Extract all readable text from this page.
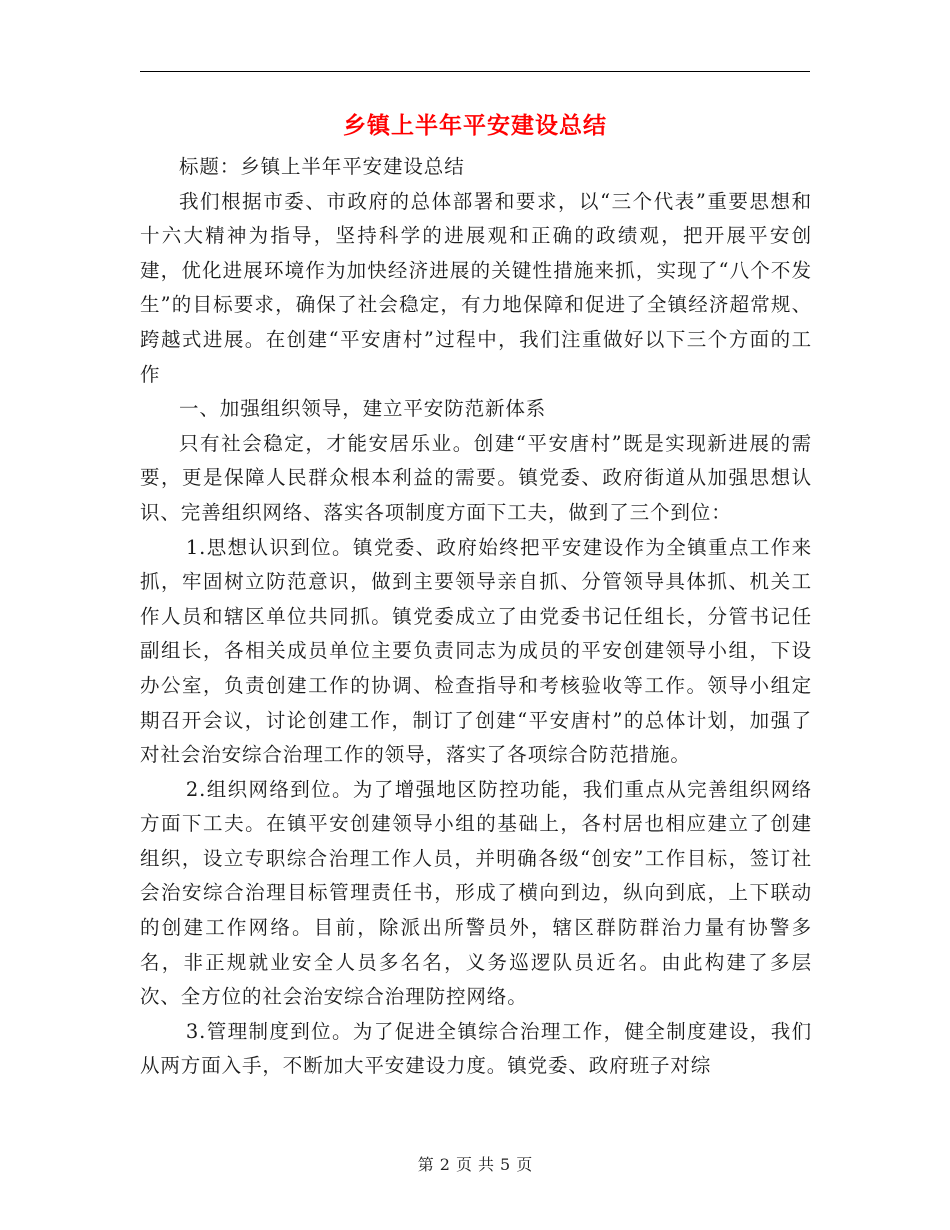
乡镇上半年平安建设总结

标题：乡镇上半年平安建设总结

我们根据市委、市政府的总体部署和要求，以“三个代表”重要思想和十六大精神为指导，坚持科学的进展观和正确的政绩观，把开展平安创建，优化进展环境作为加快经济进展的关键性措施来抓，实现了“八个不发生”的目标要求，确保了社会稳定，有力地保障和促进了全镇经济超常规、跨越式进展。在创建“平安唐村”过程中，我们注重做好以下三个方面的工作

一、加强组织领导，建立平安防范新体系

只有社会稳定，才能安居乐业。创建“平安唐村”既是实现新进展的需要，更是保障人民群众根本利益的需要。镇党委、政府街道从加强思想认识、完善组织网络、落实各项制度方面下工夫，做到了三个到位：

1.思想认识到位。镇党委、政府始终把平安建设作为全镇重点工作来抓，牢固树立防范意识，做到主要领导亲自抓、分管领导具体抓、机关工作人员和辖区单位共同抓。镇党委成立了由党委书记任组长，分管书记任副组长，各相关成员单位主要负责同志为成员的平安创建领导小组，下设办公室，负责创建工作的协调、检查指导和考核验收等工作。领导小组定期召开会议，讨论创建工作，制订了创建“平安唐村”的总体计划，加强了对社会治安综合治理工作的领导，落实了各项综合防范措施。

2.组织网络到位。为了增强地区防控功能，我们重点从完善组织网络方面下工夫。在镇平安创建领导小组的基础上，各村居也相应建立了创建组织，设立专职综合治理工作人员，并明确各级“创安”工作目标，签订社会治安综合治理目标管理责任书，形成了横向到边，纵向到底，上下联动的创建工作网络。目前，除派出所警员外，辖区群防群治力量有协警多名，非正规就业安全人员多名名，义务巡逻队员近名。由此构建了多层次、全方位的社会治安综合治理防控网络。

3.管理制度到位。为了促进全镇综合治理工作，健全制度建设，我们从两方面入手，不断加大平安建设力度。镇党委、政府班子对综

第 2 页 共 5 页
